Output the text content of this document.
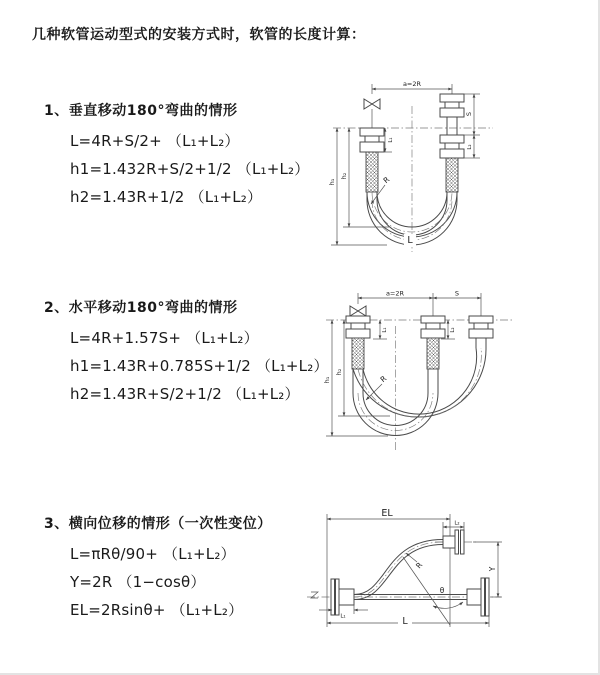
几种软管运动型式的安装方式时，软管的长度计算：
1、垂直移动180°弯曲的情形
L=4R+S/2+ （L₁+L₂）
h1=1.432R+S/2+1/2 （L₁+L₂）
h2=1.43R+1/2 （L₁+L₂）
2、水平移动180°弯曲的情形
L=4R+1.57S+ （L₁+L₂）
h1=1.43R+0.785S+1/2 （L₁+L₂）
h2=1.43R+S/2+1/2 （L₁+L₂）
3、横向位移的情形（一次性变位）
L=πRθ/90+ （L₁+L₂）
Y=2R （1−cosθ）
EL=2Rsinθ+ （L₁+L₂）
a=2R
h₁
h₂
L₁
S
L₂
R
L
a=2R	S
h₁
h₂
L₁	L₂
R
EL
L₂
Y
θ
R
L
L₁
